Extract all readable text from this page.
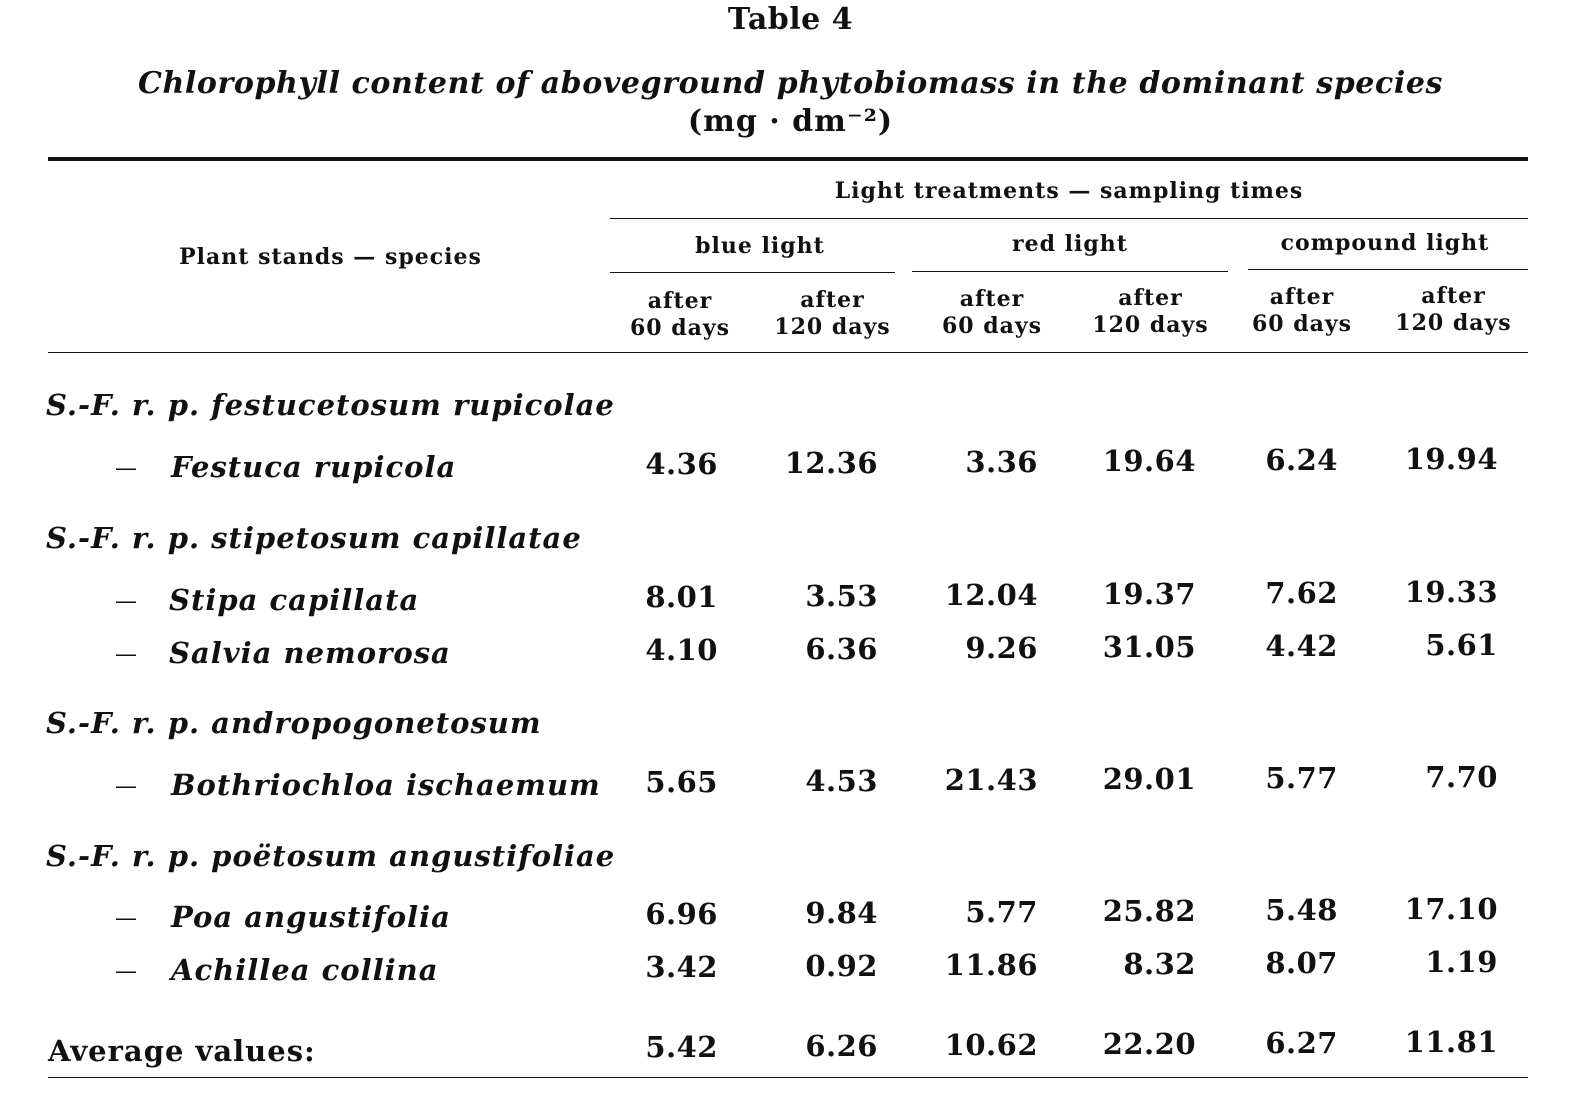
Table 4
Chlorophyll content of aboveground phytobiomass in the dominant species
(mg · dm⁻²)
Plant stands — species
Light treatments — sampling times
blue light	red light	compound light
after
60 days
after
120 days
after
60 days
after
120 days
after
60 days
after
120 days
S.-F. r. p. festucetosum rupicolae
— Festuca rupicola	4.36	12.36	3.36	19.64	6.24	19.94
S.-F. r. p. stipetosum capillatae
— Stipa capillata	8.01	3.53	12.04	19.37	7.62	19.33
— Salvia nemorosa	4.10	6.36	9.26	31.05	4.42	5.61
S.-F. r. p. andropogonetosum
— Bothriochloa ischaemum	5.65	4.53	21.43	29.01	5.77	7.70
S.-F. r. p. poëtosum angustifoliae
— Poa angustifolia	6.96	9.84	5.77	25.82	5.48	17.10
— Achillea collina	3.42	0.92	11.86	8.32	8.07	1.19
Average values:	5.42	6.26	10.62	22.20	6.27	11.81
